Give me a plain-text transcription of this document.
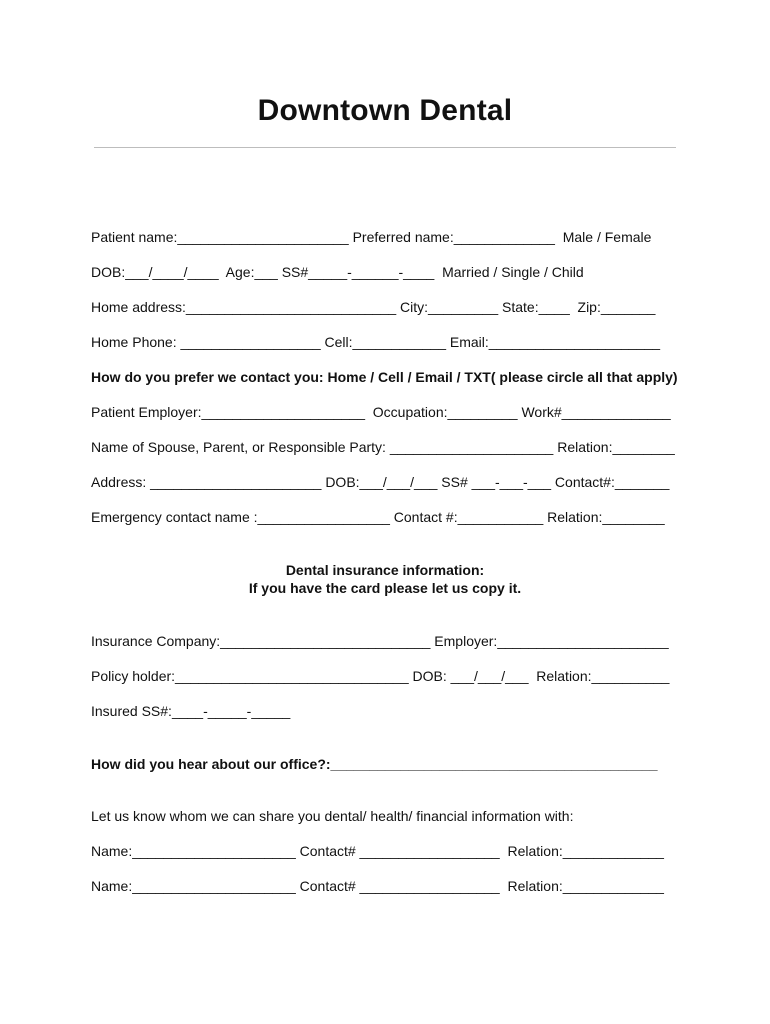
Downtown Dental
Patient name:______________________ Preferred name:_____________  Male / Female
DOB:___/____/____  Age:___ SS#_____-______-____  Married / Single / Child
Home address:___________________________ City:_________ State:____  Zip:_______
Home Phone: __________________ Cell:____________ Email:______________________
How do you prefer we contact you: Home / Cell / Email / TXT( please circle all that apply)
Patient Employer:_____________________  Occupation:_________ Work#______________
Name of Spouse, Parent, or Responsible Party: _____________________ Relation:________
Address: ______________________ DOB:___/___/___ SS# ___-___-___ Contact#:_______
Emergency contact name :_________________ Contact #:___________ Relation:________
Dental insurance information:
If you have the card please let us copy it.
Insurance Company:___________________________ Employer:______________________
Policy holder:______________________________ DOB: ___/___/___  Relation:__________
Insured SS#:____-_____-_____
How did you hear about our office?:__________________________________________
Let us know whom we can share you dental/ health/ financial information with:
Name:_____________________ Contact# __________________  Relation:_____________
Name:_____________________ Contact# __________________  Relation:_____________
